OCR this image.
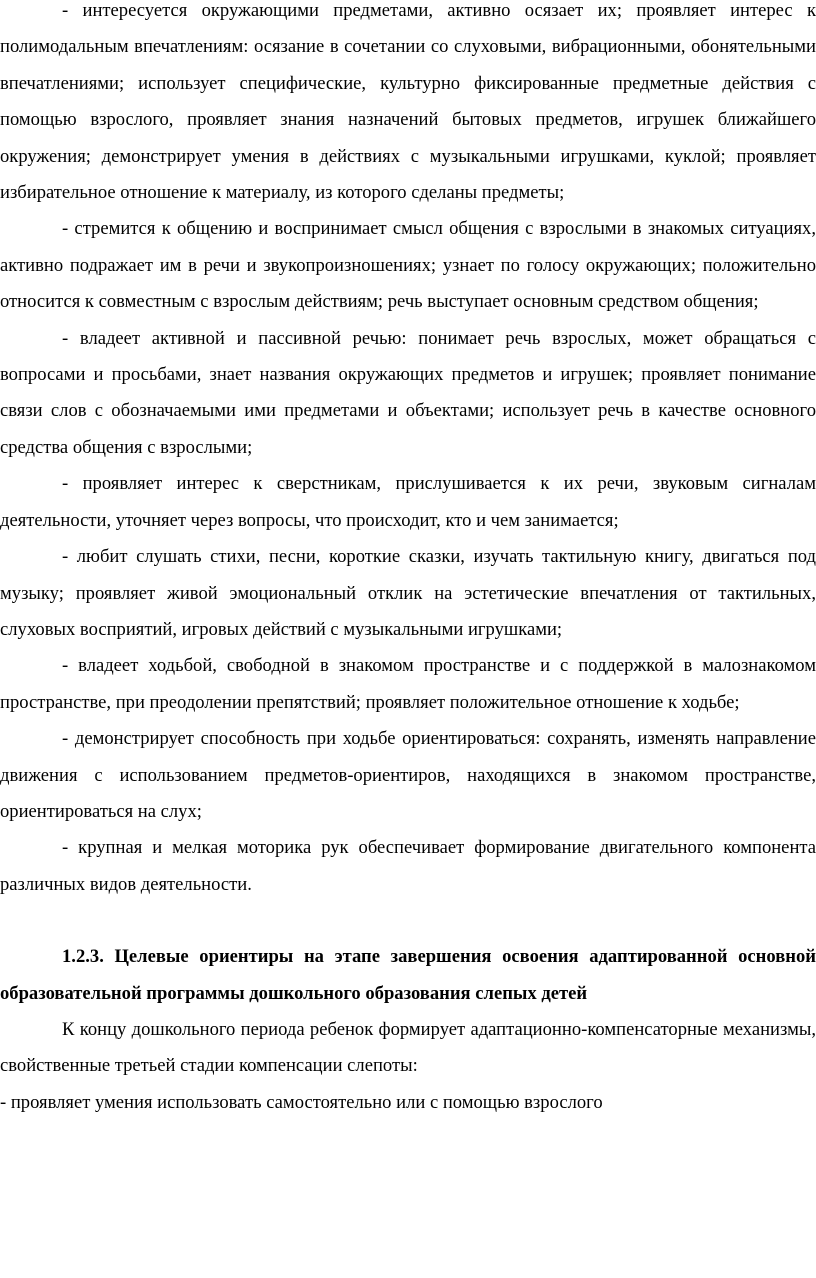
- интересуется окружающими предметами, активно осязает их; проявляет интерес к полимодальным впечатлениям: осязание в сочетании со слуховыми, вибрационными, обонятельными впечатлениями; использует специфические, культурно фиксированные предметные действия с помощью взрослого, проявляет знания назначений бытовых предметов, игрушек ближайшего окружения; демонстрирует умения в действиях с музыкальными игрушками, куклой; проявляет избирательное отношение к материалу, из которого сделаны предметы;

- стремится к общению и воспринимает смысл общения с взрослыми в знакомых ситуациях, активно подражает им в речи и звукопроизношениях; узнает по голосу окружающих; положительно относится к совместным с взрослым действиям; речь выступает основным средством общения;

- владеет активной и пассивной речью: понимает речь взрослых, может обращаться с вопросами и просьбами, знает названия окружающих предметов и игрушек; проявляет понимание связи слов с обозначаемыми ими предметами и объектами; использует речь в качестве основного средства общения с взрослыми;

- проявляет интерес к сверстникам, прислушивается к их речи, звуковым сигналам деятельности, уточняет через вопросы, что происходит, кто и чем занимается;

- любит слушать стихи, песни, короткие сказки, изучать тактильную книгу, двигаться под музыку; проявляет живой эмоциональный отклик на эстетические впечатления от тактильных, слуховых восприятий, игровых действий с музыкальными игрушками;

- владеет ходьбой, свободной в знакомом пространстве и с поддержкой в малознакомом пространстве, при преодолении препятствий; проявляет положительное отношение к ходьбе;

- демонстрирует способность при ходьбе ориентироваться: сохранять, изменять направление движения с использованием предметов-ориентиров, находящихся в знакомом пространстве, ориентироваться на слух;

- крупная и мелкая моторика рук обеспечивает формирование двигательного компонента различных видов деятельности.

1.2.3. Целевые ориентиры на этапе завершения освоения адаптированной основной образовательной программы дошкольного образования слепых детей

К концу дошкольного периода ребенок формирует адаптационно-компенсаторные механизмы, свойственные третьей стадии компенсации слепоты:

- проявляет умения использовать самостоятельно или с помощью взрослого
